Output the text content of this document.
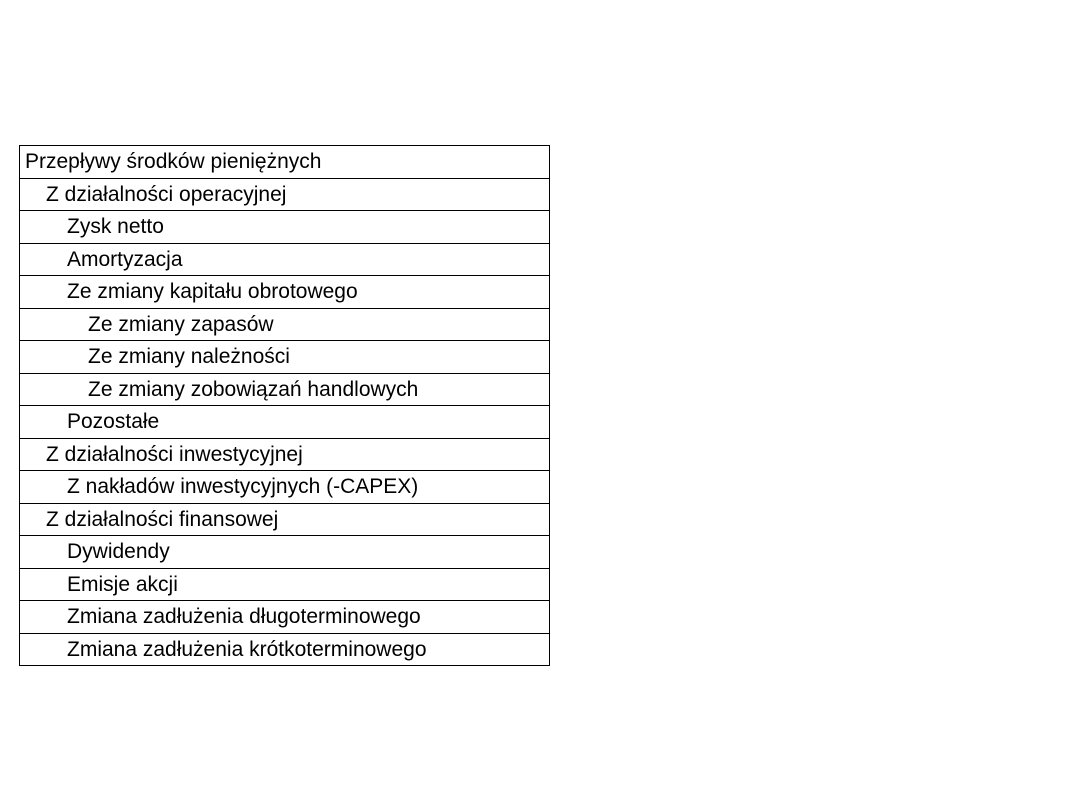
Przepływy środków pieniężnych
Z działalności operacyjnej
Zysk netto
Amortyzacja
Ze zmiany kapitału obrotowego
Ze zmiany zapasów
Ze zmiany należności
Ze zmiany zobowiązań handlowych
Pozostałe
Z działalności inwestycyjnej
Z nakładów inwestycyjnych (-CAPEX)
Z działalności finansowej
Dywidendy
Emisje akcji
Zmiana zadłużenia długoterminowego
Zmiana zadłużenia krótkoterminowego
